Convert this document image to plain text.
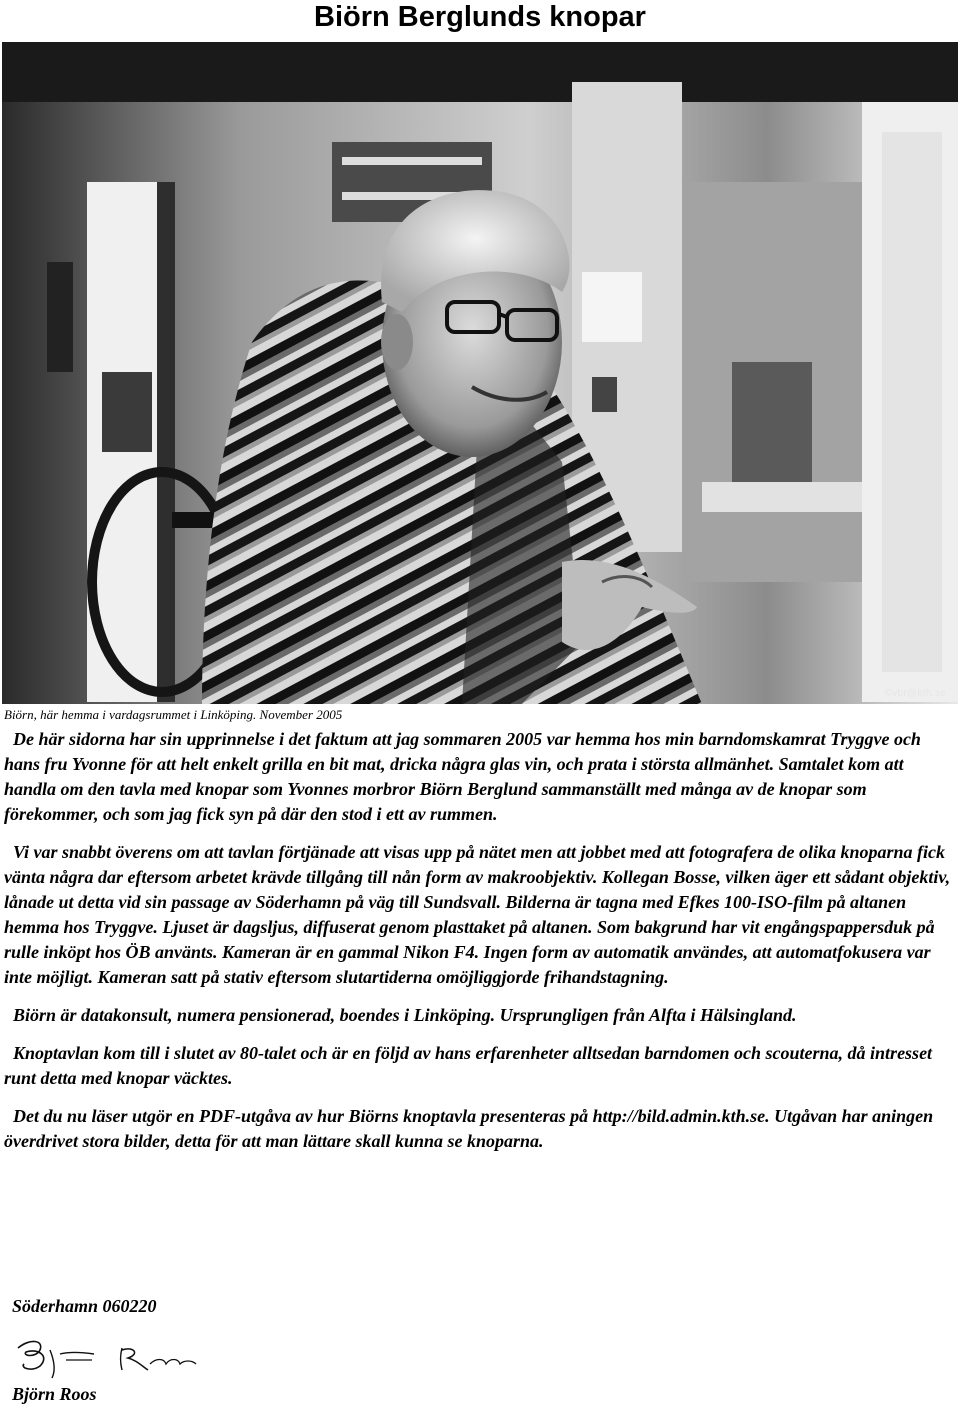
Biörn Berglunds knopar
©vbr@kth.se

Biörn, här hemma i vardagsrummet i Linköping. November 2005

De här sidorna har sin upprinnelse i det faktum att jag sommaren 2005 var hemma hos min barndomskamrat Tryggve och hans fru Yvonne för att helt enkelt grilla en bit mat, dricka några glas vin, och prata i största allmänhet. Samtalet kom att handla om den tavla med knopar som Yvonnes morbror Biörn Berglund sammanställt med många av de knopar som förekommer, och som jag fick syn på där den stod i ett av rummen.

Vi var snabbt överens om att tavlan förtjänade att visas upp på nätet men att jobbet med att fotografera de olika knoparna fick vänta några dar eftersom arbetet krävde tillgång till nån form av makroobjektiv. Kollegan Bosse, vilken äger ett sådant objektiv, lånade ut detta vid sin passage av Söderhamn på väg till Sundsvall. Bilderna är tagna med Efkes 100-ISO-film på altanen hemma hos Tryggve. Ljuset är dagsljus, diffuserat genom plasttaket på altanen. Som bakgrund har vit engångspappersduk på rulle inköpt hos ÖB använts. Kameran är en gammal Nikon F4. Ingen form av automatik användes, att automatfokusera var inte möjligt. Kameran satt på stativ eftersom slutartiderna omöjliggjorde frihandstagning.

Biörn är datakonsult, numera pensionerad, boendes i Linköping. Ursprungligen från Alfta i Hälsingland.

Knoptavlan kom till i slutet av 80-talet och är en följd av hans erfarenheter alltsedan barndomen och scouterna, då intresset runt detta med knopar väcktes.

Det du nu läser utgör en PDF-utgåva av hur Biörns knoptavla presenteras på http://bild.admin.kth.se. Utgåvan har aningen överdrivet stora bilder, detta för att man lättare skall kunna se knoparna.

Söderhamn 060220

Björn Roos
